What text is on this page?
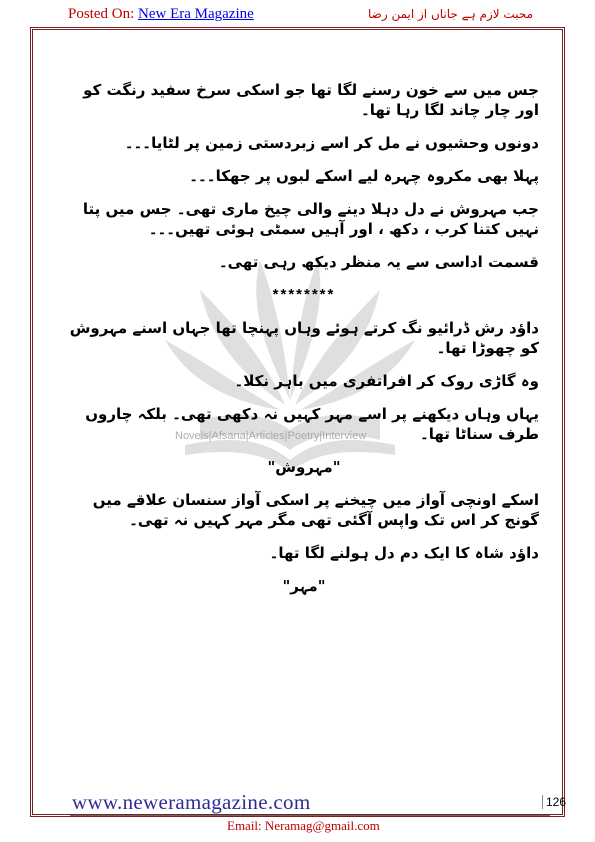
Posted On: New Era Magazine	محبت لازم ہے جاناں از ایمن رضا
Novels|Afsana|Articles|Poetry|Interview

جس میں سے خون رسنے لگا تھا جو اسکی سرخ سفید رنگت کو اور چار چاند لگا رہا تھا۔

دونوں وحشیوں نے مل کر اسے زبردستی زمین پر لٹایا۔۔۔

پہلا بھی مکروہ چہرہ لیے اسکے لبوں پر جھکا۔۔۔

جب مہروش نے دل دہلا دینے والی چیخ ماری تھی۔ جس میں پتا نہیں کتنا کرب ، دکھ ، اور آہیں سمٹی ہوئی تھیں۔۔۔

قسمت اداسی سے یہ منظر دیکھ رہی تھی۔

********

داؤد رش ڈرائیو نگ کرتے ہوئے وہاں پہنچا تھا جہاں اسنے مہروش کو چھوڑا تھا۔

وہ گاڑی روک کر افراتفری میں باہر نکلا۔

یہاں وہاں دیکھنے پر اسے مہر کہیں نہ دکھی تھی۔ بلکہ چاروں طرف سناٹا تھا۔

"مہروش"

اسکے اونچی آواز میں چیخنے پر اسکی آواز سنسان علاقے میں گونج کر اس تک واپس آگئی تھی مگر مہر کہیں نہ تھی۔

داؤد شاہ کا ایک دم دل ہولنے لگا تھا۔

"مہر"

www.neweramagazine.com	126
Email: Neramag@gmail.com
